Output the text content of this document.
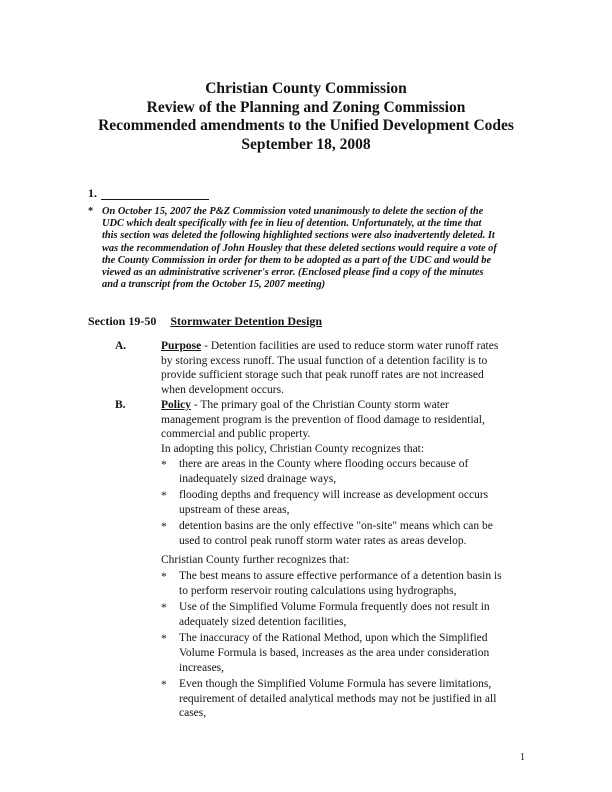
Christian County Commission
Review of the Planning and Zoning Commission
Recommended amendments to the Unified Development Codes
September 18, 2008
1.
* On October 15, 2007 the P&Z Commission voted unanimously to delete the section of the
UDC which dealt specifically with fee in lieu of detention. Unfortunately, at the time that
this section was deleted the following highlighted sections were also inadvertently deleted. It
was the recommendation of John Housley that these deleted sections would require a vote of
the County Commission in order for them to be adopted as a part of the UDC and would be
viewed as an administrative scrivener's error. (Enclosed please find a copy of the minutes
and a transcript from the October 15, 2007 meeting)
Section 19-50 Stormwater Detention Design
A.	Purpose - Detention facilities are used to reduce storm water runoff rates
by storing excess runoff. The usual function of a detention facility is to
provide sufficient storage such that peak runoff rates are not increased
when development occurs.
B.	Policy - The primary goal of the Christian County storm water
management program is the prevention of flood damage to residential,
commercial and public property.
In adopting this policy, Christian County recognizes that:
* there are areas in the County where flooding occurs because of
inadequately sized drainage ways,
* flooding depths and frequency will increase as development occurs
upstream of these areas,
* detention basins are the only effective "on-site" means which can be
used to control peak runoff storm water rates as areas develop.
Christian County further recognizes that:
* The best means to assure effective performance of a detention basin is
to perform reservoir routing calculations using hydrographs,
* Use of the Simplified Volume Formula frequently does not result in
adequately sized detention facilities,
* The inaccuracy of the Rational Method, upon which the Simplified
Volume Formula is based, increases as the area under consideration
increases,
* Even though the Simplified Volume Formula has severe limitations,
requirement of detailed analytical methods may not be justified in all
cases,
1
